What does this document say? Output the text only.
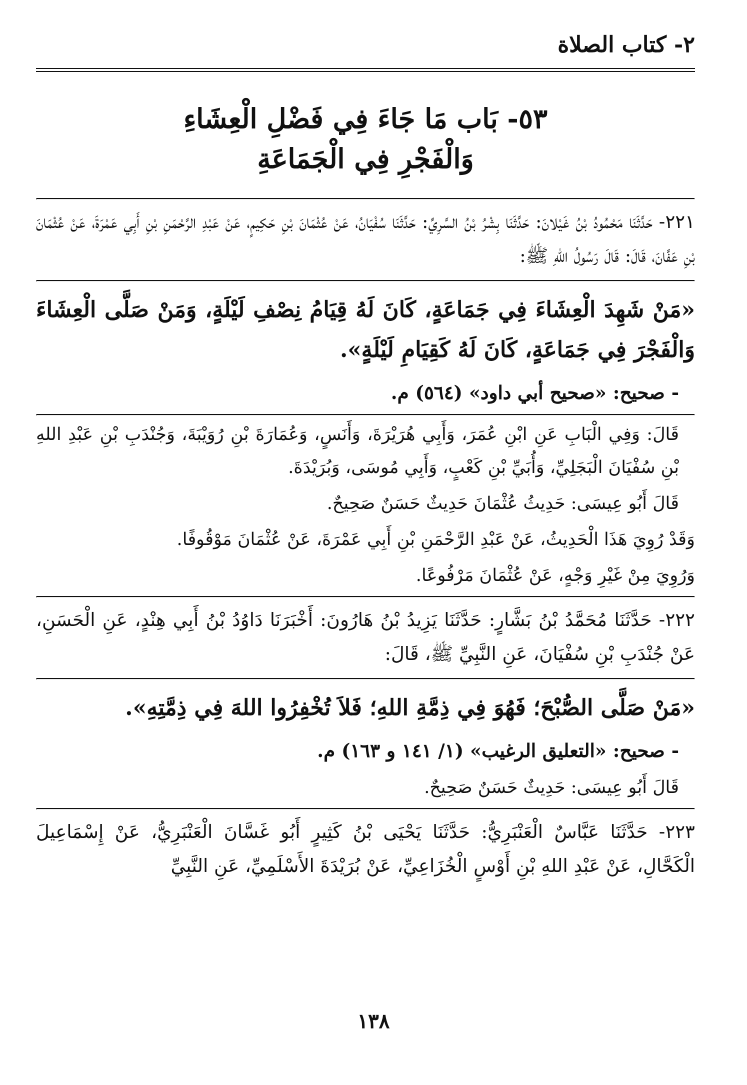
٢- كتاب الصلاة
٥٣- بَاب مَا جَاءَ فِي فَضْلِ الْعِشَاءِ
وَالْفَجْرِ فِي الْجَمَاعَةِ
٢٢١- حَدَّثَنَا مَحْمُودُ بْنُ غَيْلانَ: حَدَّثَنَا بِشْرُ بْنُ السَّرِيِّ: حَدَّثَنَا سُفْيَانُ، عَنْ عُثْمَانَ بْنِ حَكِيمٍ، عَنْ عَبْدِ الرَّحْمَنِ بْنِ أَبِي عَمْرَةَ، عَنْ عُثْمَانَ بْنِ عَفَّانَ، قَالَ: قَالَ رَسُولُ اللهِ ﷺ:
«مَنْ شَهِدَ الْعِشَاءَ فِي جَمَاعَةٍ، كَانَ لَهُ قِيَامُ نِصْفِ لَيْلَةٍ، وَمَنْ صَلَّى الْعِشَاءَ وَالْفَجْرَ فِي جَمَاعَةٍ، كَانَ لَهُ كَقِيَامِ لَيْلَةٍ».
- صحيح: «صحيح أبي داود» (٥٦٤) م.
قَالَ: وَفِي الْبَابِ عَنِ ابْنِ عُمَرَ، وَأَبِي هُرَيْرَةَ، وَأَنَسٍ، وَعُمَارَةَ بْنِ رُوَيْبَةَ، وَجُنْدَبِ بْنِ عَبْدِ اللهِ بْنِ سُفْيَانَ الْبَجَلِيِّ، وَأُبَيِّ بْنِ كَعْبٍ، وَأَبِي مُوسَى، وَبُرَيْدَةَ.
قَالَ أَبُو عِيسَى: حَدِيثُ عُثْمَانَ حَدِيثٌ حَسَنٌ صَحِيحٌ.
وَقَدْ رُوِيَ هَذَا الْحَدِيثُ، عَنْ عَبْدِ الرَّحْمَنِ بْنِ أَبِي عَمْرَةَ، عَنْ عُثْمَانَ مَوْقُوفًا.
وَرُوِيَ مِنْ غَيْرِ وَجْهٍ، عَنْ عُثْمَانَ مَرْفُوعًا.
٢٢٢- حَدَّثَنَا مُحَمَّدُ بْنُ بَشَّارٍ: حَدَّثَنَا يَزِيدُ بْنُ هَارُونَ: أَخْبَرَنَا دَاوُدُ بْنُ أَبِي هِنْدٍ، عَنِ الْحَسَنِ، عَنْ جُنْدَبِ بْنِ سُفْيَانَ، عَنِ النَّبِيِّ ﷺ، قَالَ:
«مَنْ صَلَّى الصُّبْحَ؛ فَهُوَ فِي ذِمَّةِ اللهِ؛ فَلاَ تُخْفِرُوا اللهَ فِي ذِمَّتِهِ».
- صحيح: «التعليق الرغيب» (١/ ١٤١ و ١٦٣) م.
قَالَ أَبُو عِيسَى: حَدِيثٌ حَسَنٌ صَحِيحٌ.
٢٢٣- حَدَّثَنَا عَبَّاسٌ الْعَنْبَرِيُّ: حَدَّثَنَا يَحْيَى بْنُ كَثِيرٍ أَبُو غَسَّانَ الْعَنْبَرِيُّ، عَنْ إِسْمَاعِيلَ الْكَحَّالِ، عَنْ عَبْدِ اللهِ بْنِ أَوْسٍ الْخُزَاعِيِّ، عَنْ بُرَيْدَةَ الأَسْلَمِيِّ، عَنِ النَّبِيِّ
١٣٨
